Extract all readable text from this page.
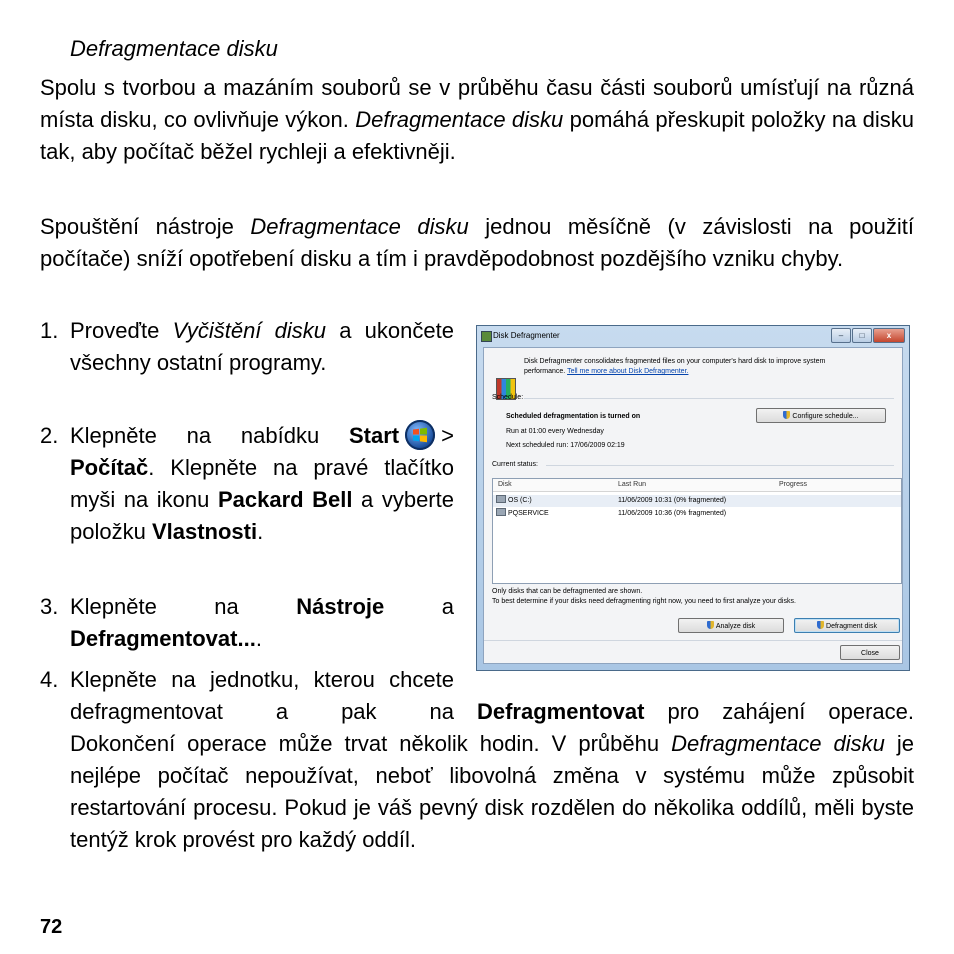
Defragmentace disku
Spolu s tvorbou a mazáním souborů se v průběhu času části souborů umísťují na různá místa disku, co ovlivňuje výkon. Defragmentace disku pomáhá přeskupit položky na disku tak, aby počítač běžel rychleji a efektivněji.
Spouštění nástroje Defragmentace disku jednou měsíčně (v závislosti na použití počítače) sníží opotřebení disku a tím i pravděpodobnost pozdějšího vzniku chyby.
1. Proveďte Vyčištění disku a ukončete všechny ostatní programy.
2. Klepněte na nabídku Start > Počítač. Klepněte na pravé tlačítko myši na ikonu Packard Bell a vyberte položku Vlastnosti.
3. Klepněte na	Nástroje	a Defragmentovat....
4. Klepněte na jednotku, kterou chcete defragmentovat a pak na Defragmentovat pro zahájení operace. Dokončení operace může trvat několik hodin. V průběhu Defragmentace disku je nejlépe počítač nepoužívat, neboť libovolná změna v systému může způsobit restartování procesu. Pokud je váš pevný disk rozdělen do několika oddílů, měli byste tentýž krok provést pro každý oddíl.
Disk Defragmenter	–	□	x
Disk Defragmenter consolidates fragmented files on your computer's hard disk to improve system
performance. Tell me more about Disk Defragmenter.
Schedule:
Scheduled defragmentation is turned on
Run at 01:00 every Wednesday
Next scheduled run: 17/06/2009 02:19
Configure schedule...
Current status:
Disk	Last Run	Progress
OS (C:)	11/06/2009 10:31 (0% fragmented)
PQSERVICE	11/06/2009 10:36 (0% fragmented)
Only disks that can be defragmented are shown.
To best determine if your disks need defragmenting right now, you need to first analyze your disks.
Analyze disk	Defragment disk
Close
72
